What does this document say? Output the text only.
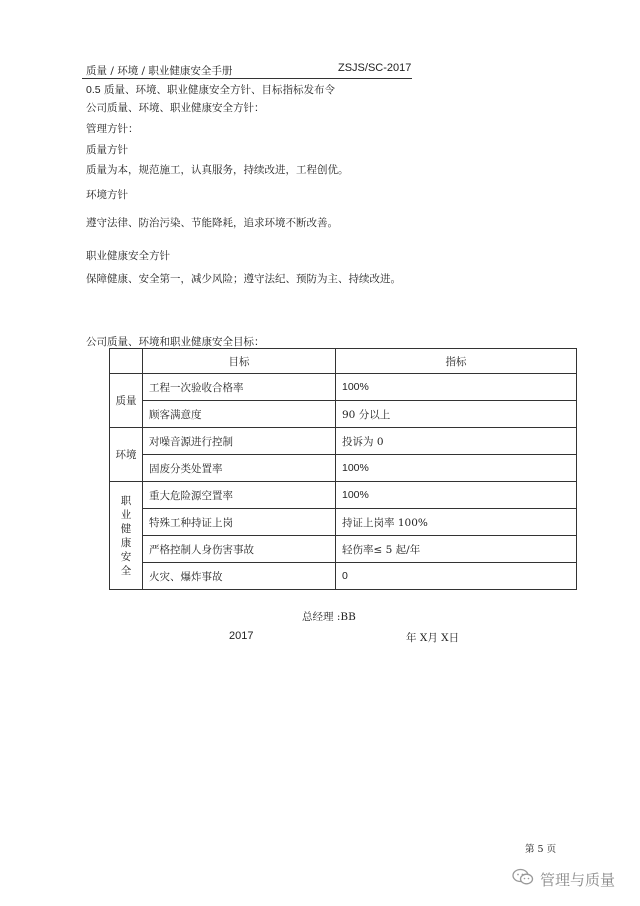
质量 / 环境 / 职业健康安全手册	ZSJS/SC-2017
0.5 质量、环境、职业健康安全方针、目标指标发布令
公司质量、环境、职业健康安全方针：
管理方针：
质量方针
质量为本，规范施工，认真服务，持续改进，工程创优。
环境方针
遵守法律、防治污染、节能降耗，追求环境不断改善。
职业健康安全方针
保障健康、安全第一，减少风险；遵守法纪、预防为主、持续改进。
公司质量、环境和职业健康安全目标：
	目标	指标
质量	工程一次验收合格率	100%
	顾客满意度	90 分以上
环境	对噪音源进行控制	投诉为 0
	固废分类处置率	100%
职业健康安全	重大危险源空置率	100%
	特殊工种持证上岗	持证上岗率 100%
	严格控制人身伤害事故	轻伤率≤ 5 起/年
	火灾、爆炸事故	0
总经理 :BB
2017	年 X月 X日
第 5 页
管理与质量
